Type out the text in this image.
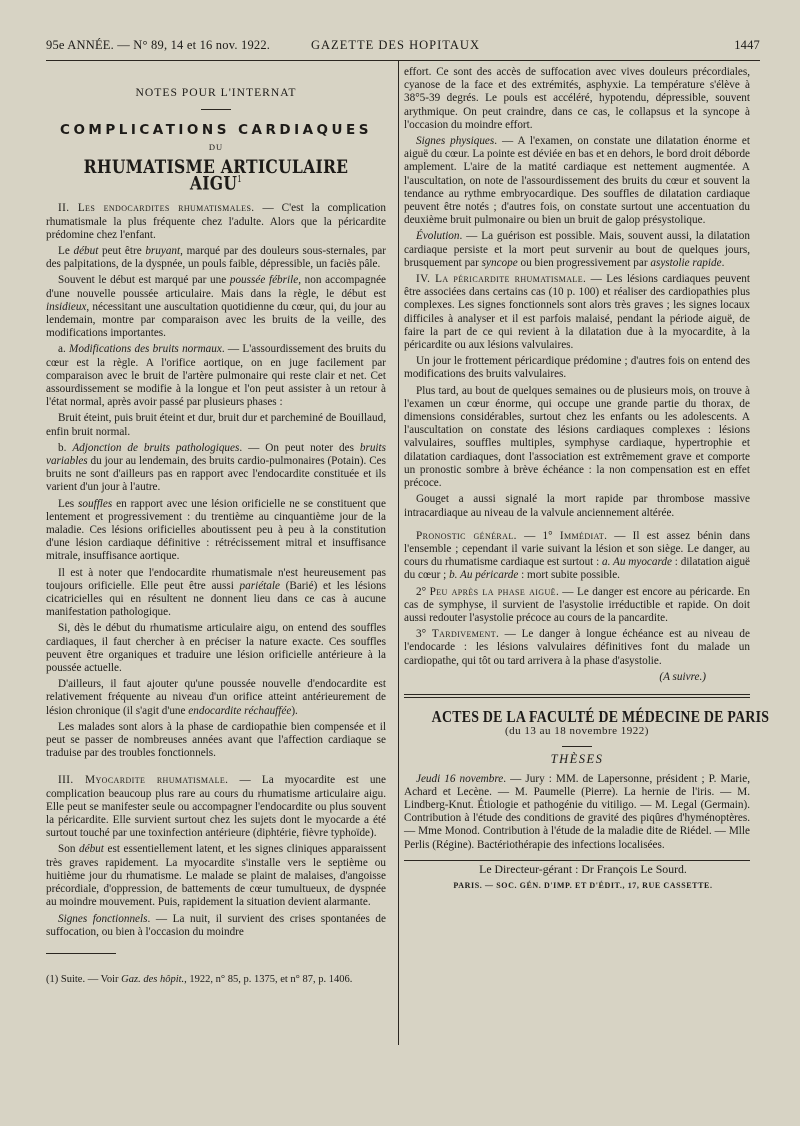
95e ANNÉE. — N° 89, 14 et 16 nov. 1922.	GAZETTE DES HOPITAUX	1447
NOTES POUR L'INTERNAT
COMPLICATIONS CARDIAQUES
DU
RHUMATISME ARTICULAIRE AIGU$^1$

II. Les endocardites rhumatismales. — C'est la complication rhumatismale la plus fréquente chez l'adulte. Alors que la péricardite prédomine chez l'enfant.

Le début peut être bruyant, marqué par des douleurs sous-sternales, par des palpitations, de la dyspnée, un pouls faible, dépressible, un faciès pâle.

Souvent le début est marqué par une poussée fébrile, non accompagnée d'une nouvelle poussée articulaire. Mais dans la règle, le début est insidieux, nécessitant une auscultation quotidienne du cœur, qui, du jour au lendemain, montre par comparaison avec les bruits de la veille, des modifications importantes.

a. Modifications des bruits normaux. — L'assourdissement des bruits du cœur est la règle. A l'orifice aortique, on en juge facilement par comparaison avec le bruit de l'artère pulmonaire qui reste clair et net. Cet assourdissement se modifie à la longue et l'on peut assister à un retour à l'état normal, après avoir passé par plusieurs phases :

Bruit éteint, puis bruit éteint et dur, bruit dur et parcheminé de Bouillaud, enfin bruit normal.

b. Adjonction de bruits pathologiques. — On peut noter des bruits variables du jour au lendemain, des bruits cardio-pulmonaires (Potain). Ces bruits ne sont d'ailleurs pas en rapport avec l'endocardite constituée et ils varient d'un jour à l'autre.

Les souffles en rapport avec une lésion orificielle ne se constituent que lentement et progressivement : du trentième au cinquantième jour de la maladie. Ces lésions orificielles aboutissent peu à peu à la constitution d'une lésion cardiaque définitive : rétrécissement mitral et insuffisance mitrale, insuffisance aortique.

Il est à noter que l'endocardite rhumatismale n'est heureusement pas toujours orificielle. Elle peut être aussi pariétale (Barié) et les lésions cicatricielles qui en résultent ne donnent lieu dans ce cas à aucune manifestation pathologique.

Si, dès le début du rhumatisme articulaire aigu, on entend des souffles cardiaques, il faut chercher à en préciser la nature exacte. Ces souffles peuvent être organiques et traduire une lésion orificielle antérieure à la poussée actuelle.

D'ailleurs, il faut ajouter qu'une poussée nouvelle d'endocardite est relativement fréquente au niveau d'un orifice atteint antérieurement de lésion chronique (il s'agit d'une endocardite réchauffée).

Les malades sont alors à la phase de cardiopathie bien compensée et il peut se passer de nombreuses années avant que l'affection cardiaque se traduise par des troubles fonctionnels.

III. Myocardite rhumatismale. — La myocardite est une complication beaucoup plus rare au cours du rhumatisme articulaire aigu. Elle peut se manifester seule ou accompagner l'endocardite ou plus souvent la péricardite. Elle survient surtout chez les sujets dont le myocarde a été surtout touché par une toxinfection antérieure (diphtérie, fièvre typhoïde).

Son début est essentiellement latent, et les signes cliniques apparaissent très graves rapidement. La myocardite s'installe vers le septième ou huitième jour du rhumatisme. Le malade se plaint de malaises, d'angoisse précordiale, d'oppression, de battements de cœur tumultueux, de dyspnée au moindre mouvement. Puis, rapidement la situation devient alarmante.

Signes fonctionnels. — La nuit, il survient des crises spontanées de suffocation, ou bien à l'occasion du moindre

(1) Suite. — Voir Gaz. des hôpit., 1922, n° 85, p. 1375, et n° 87, p. 1406.

effort. Ce sont des accès de suffocation avec vives douleurs précordiales, cyanose de la face et des extrémités, asphyxie. La température s'élève à 38°5-39 degrés. Le pouls est accéléré, hypotendu, dépressible, souvent arythmique. On peut craindre, dans ce cas, le collapsus et la syncope à l'occasion du moindre effort.

Signes physiques. — A l'examen, on constate une dilatation énorme et aiguë du cœur. La pointe est déviée en bas et en dehors, le bord droit déborde amplement. L'aire de la matité cardiaque est nettement augmentée. A l'auscultation, on note de l'assourdissement des bruits du cœur et souvent la tendance au rythme embryocardique. Des souffles de dilatation cardiaque peuvent être notés ; d'autres fois, on constate surtout une accentuation du deuxième bruit pulmonaire ou bien un bruit de galop présystolique.

Évolution. — La guérison est possible. Mais, souvent aussi, la dilatation cardiaque persiste et la mort peut survenir au bout de quelques jours, brusquement par syncope ou bien progressivement par asystolie rapide.

IV. La péricardite rhumatismale. — Les lésions cardiaques peuvent être associées dans certains cas (10 p. 100) et réaliser des cardiopathies plus complexes. Les signes fonctionnels sont alors très graves ; les signes locaux difficiles à analyser et il est parfois malaisé, pendant la période aiguë, de faire la part de ce qui revient à la dilatation due à la myocardite, à la péricardite ou aux lésions valvulaires.

Un jour le frottement péricardique prédomine ; d'autres fois on entend des modifications des bruits valvulaires.

Plus tard, au bout de quelques semaines ou de plusieurs mois, on trouve à l'examen un cœur énorme, qui occupe une grande partie du thorax, de dimensions considérables, surtout chez les enfants ou les adolescents. A l'auscultation on constate des lésions cardiaques complexes : lésions valvulaires, souffles multiples, symphyse cardiaque, hypertrophie et dilatation cardiaques, dont l'association est extrêmement grave et comporte un pronostic sombre à brève échéance : la non compensation est en effet précoce.

Gouget a aussi signalé la mort rapide par thrombose massive intracardiaque au niveau de la valvule anciennement altérée.

Pronostic général. — 1° Immédiat. — Il est assez bénin dans l'ensemble ; cependant il varie suivant la lésion et son siège. Le danger, au cours du rhumatisme cardiaque est surtout : a. Au myocarde : dilatation aiguë du cœur ; b. Au péricarde : mort subite possible.

2° Peu après la phase aiguë. — Le danger est encore au péricarde. En cas de symphyse, il survient de l'asystolie irréductible et rapide. On doit aussi redouter l'asystolie précoce au cours de la pancardite.

3° Tardivement. — Le danger à longue échéance est au niveau de l'endocarde : les lésions valvulaires définitives font du malade un cardiopathe, qui tôt ou tard arrivera à la phase d'asystolie.

(A suivre.)

ACTES DE LA FACULTÉ DE MÉDECINE DE PARIS
(du 13 au 18 novembre 1922)
THÈSES

Jeudi 16 novembre. — Jury : MM. de Lapersonne, président ; P. Marie, Achard et Lecène. — M. Paumelle (Pierre). La hernie de l'iris. — M. Lindberg-Knut. Étiologie et pathogénie du vitiligo. — M. Legal (Germain). Contribution à l'étude des conditions de gravité des piqûres d'hyménoptères. — Mme Monod. Contribution à l'étude de la maladie dite de Riédel. — Mlle Perlis (Régine). Bactériothérapie des infections localisées.

Le Directeur-gérant : Dr François Le Sourd.

PARIS. — SOC. GÉN. D'IMP. ET D'ÉDIT., 17, RUE CASSETTE.
